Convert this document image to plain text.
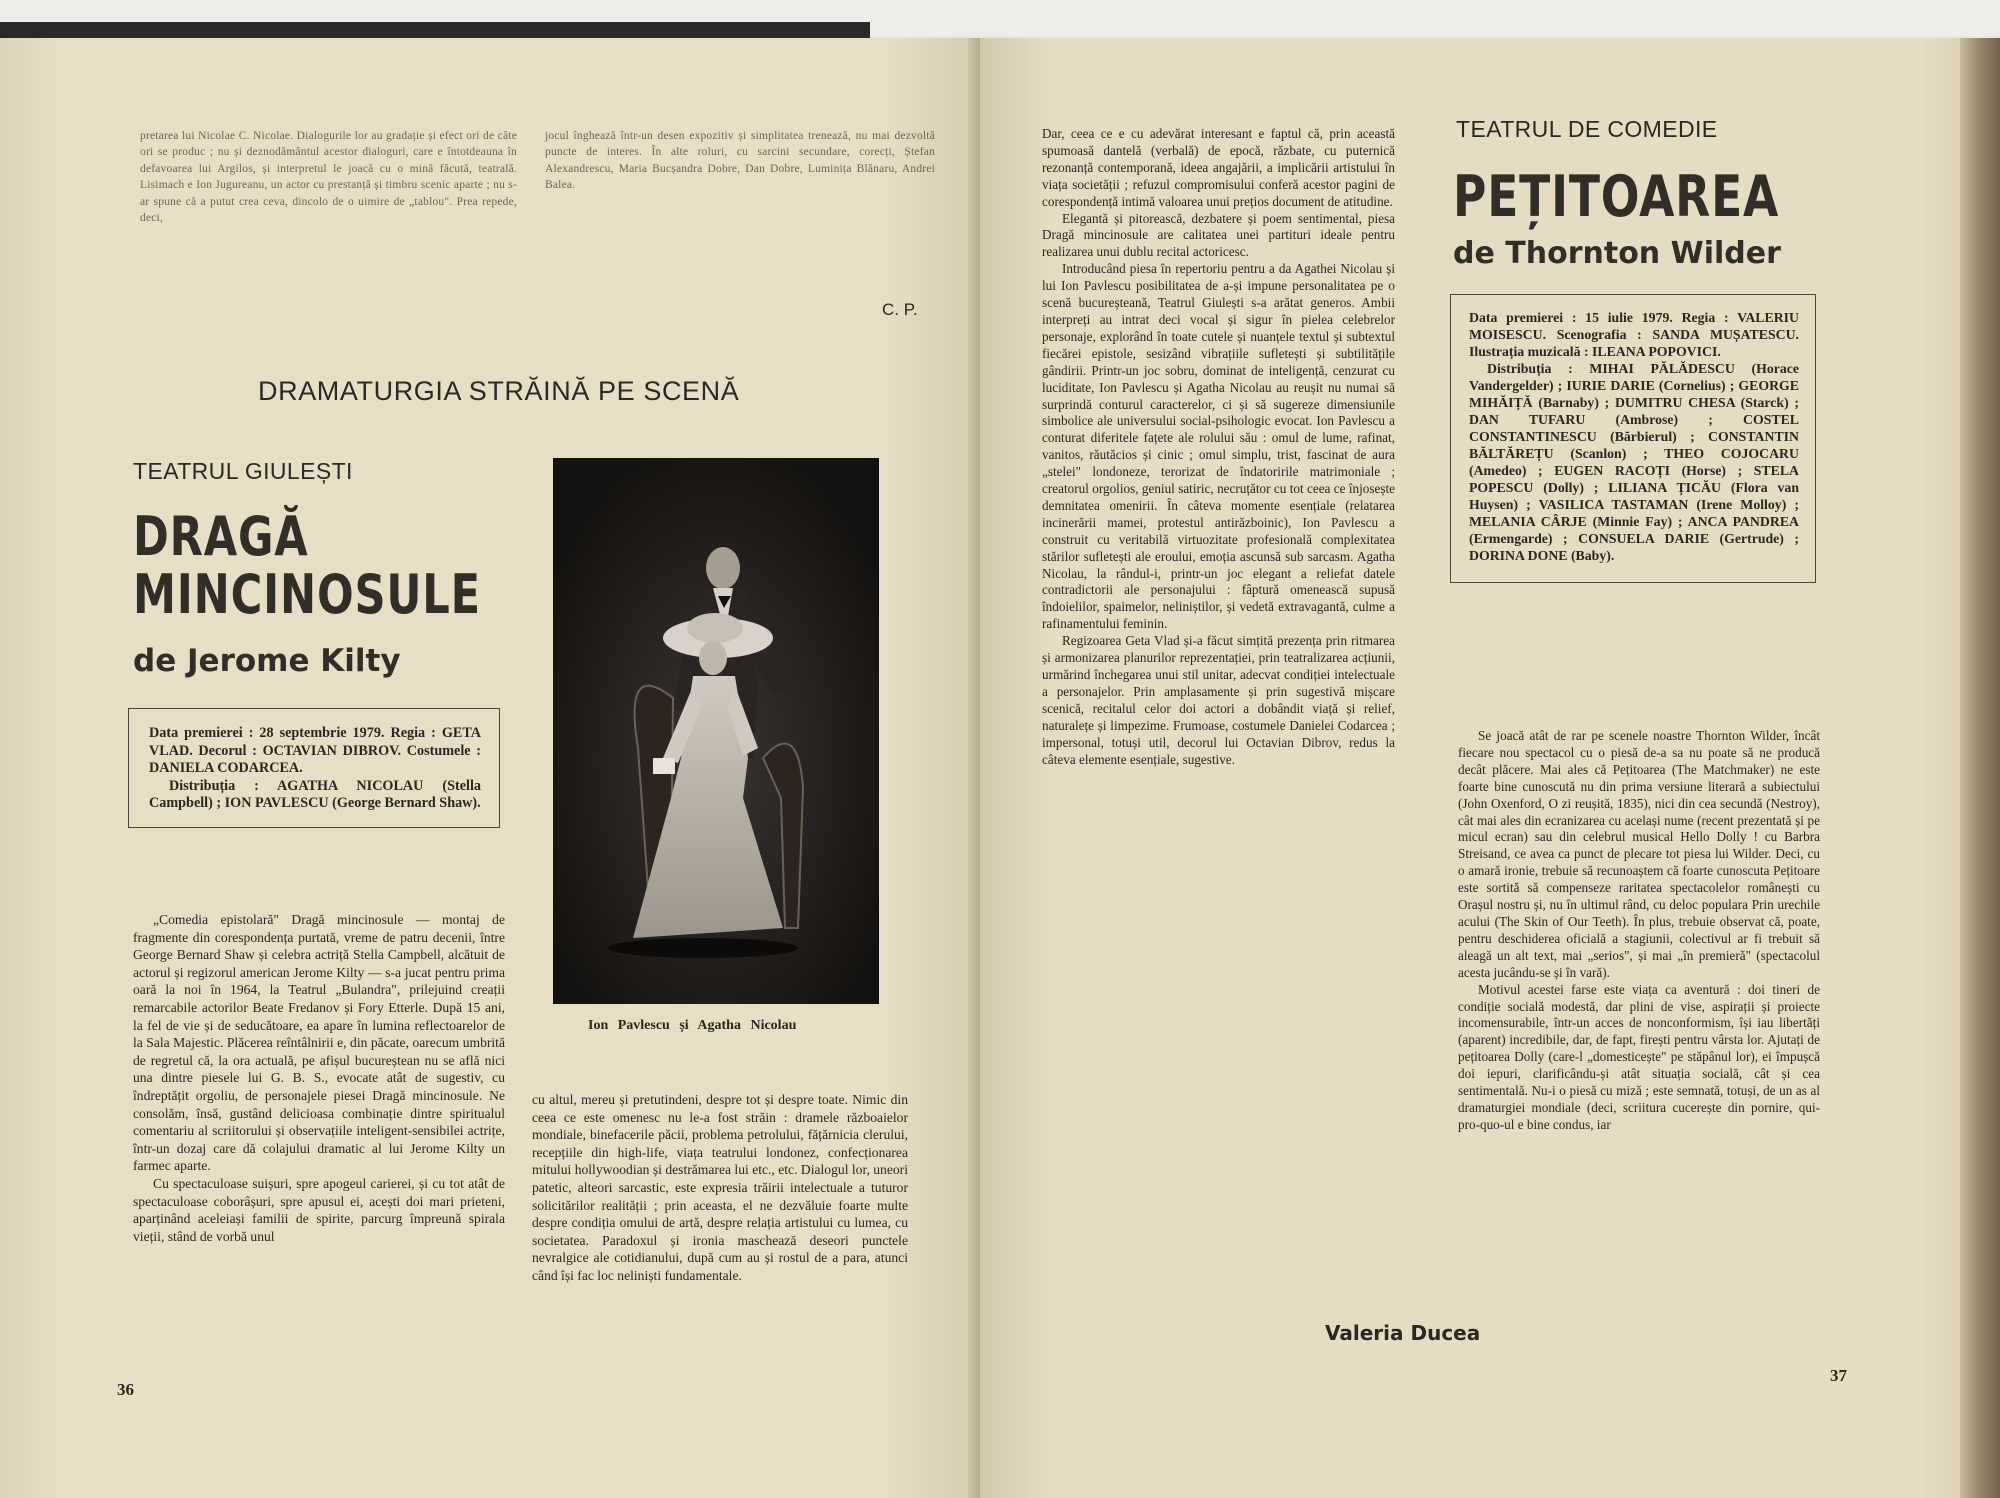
pretarea lui Nicolae C. Nicolae. Dialogurile lor au gradație și efect ori de câte ori se produc ; nu și deznodământul acestor dialoguri, care e întotdeauna în defavoarea lui Argilos, și interpretul le joacă cu o mină făcută, teatrală. Lisimach e Ion Jugureanu, un actor cu prestanță și timbru scenic aparte ; nu s-ar spune că a putut crea ceva, dincolo de o uimire de „tablou". Prea repede, deci,

jocul înghează într-un desen expozitiv și simplitatea trenează, nu mai dezvoltă puncte de interes. În alte roluri, cu sarcini secundare, corecți, Ștefan Alexandrescu, Maria Bucșandra Dobre, Dan Dobre, Luminița Blănaru, Andrei Balea.

C. P.
DRAMATURGIA STRĂINĂ PE SCENĂ
TEATRUL GIULEȘTI
DRAGĂ
MINCINOSULE
de Jerome Kilty

Data premierei : 28 septembrie 1979. Regia : GETA VLAD. Decorul : OCTAVIAN DIBROV. Costumele : DANIELA CODARCEA.

Distribuția : AGATHA NICOLAU (Stella Campbell) ; ION PAVLESCU (George Bernard Shaw).

Ion Pavlescu și Agatha Nicolau

„Comedia epistolară" Dragă mincinosule — montaj de fragmente din corespondența purtată, vreme de patru decenii, între George Bernard Shaw și celebra actriță Stella Campbell, alcătuit de actorul și regizorul american Jerome Kilty — s-a jucat pentru prima oară la noi în 1964, la Teatrul „Bulandra", prilejuind creații remarcabile actorilor Beate Fredanov și Fory Etterle. După 15 ani, la fel de vie și de seducătoare, ea apare în lumina reflectoarelor de la Sala Majestic. Plăcerea reîntâlnirii e, din păcate, oarecum umbrită de regretul că, la ora actuală, pe afișul bucureștean nu se află nici una dintre piesele lui G. B. S., evocate atât de sugestiv, cu îndreptățit orgoliu, de personajele piesei Dragă mincinosule. Ne consolăm, însă, gustând delicioasa combinație dintre spiritualul comentariu al scriitorului și observațiile inteligent-sensibilei actrițe, într-un dozaj care dă colajului dramatic al lui Jerome Kilty un farmec aparte.

Cu spectaculoase suișuri, spre apogeul carierei, și cu tot atât de spectaculoase coborâșuri, spre apusul ei, acești doi mari prieteni, aparținând aceleiași familii de spirite, parcurg împreună spirala vieții, stând de vorbă unul

cu altul, mereu și pretutindeni, despre tot și despre toate. Nimic din ceea ce este omenesc nu le-a fost străin : dramele războaielor mondiale, binefacerile păcii, problema petrolului, fățărnicia clerului, recepțiile din high-life, viața teatrului londonez, confecționarea mitului hollywoodian și destrămarea lui etc., etc. Dialogul lor, uneori patetic, alteori sarcastic, este expresia trăirii intelectuale a tuturor solicitărilor realității ; prin aceasta, el ne dezvăluie foarte multe despre condiția omului de artă, despre relația artistului cu lumea, cu societatea. Paradoxul și ironia maschează deseori punctele nevralgice ale cotidianului, după cum au și rostul de a para, atunci când își fac loc neliniști fundamentale.

36

Dar, ceea ce e cu adevărat interesant e faptul că, prin această spumoasă dantelă (verbală) de epocă, răzbate, cu puternică rezonanță contemporană, ideea angajării, a implicării artistului în viața societății ; refuzul compromisului conferă acestor pagini de corespondență intimă valoarea unui prețios document de atitudine.

Elegantă și pitorească, dezbatere și poem sentimental, piesa Dragă mincinosule are calitatea unei partituri ideale pentru realizarea unui dublu recital actoricesc.

Introducând piesa în repertoriu pentru a da Agathei Nicolau și lui Ion Pavlescu posibilitatea de a-și impune personalitatea pe o scenă bucureșteană, Teatrul Giulești s-a arătat generos. Ambii interpreți au intrat deci vocal și sigur în pielea celebrelor personaje, explorând în toate cutele și nuanțele textul și subtextul fiecărei epistole, sesizând vibrațiile sufletești și subtilitățile gândirii. Printr-un joc sobru, dominat de inteligență, cenzurat cu luciditate, Ion Pavlescu și Agatha Nicolau au reușit nu numai să surprindă conturul caracterelor, ci și să sugereze dimensiunile simbolice ale universului social-psihologic evocat. Ion Pavlescu a conturat diferitele fațete ale rolului său : omul de lume, rafinat, vanitos, răutăcios și cinic ; omul simplu, trist, fascinat de aura „stelei" londoneze, terorizat de îndatoririle matrimoniale ; creatorul orgolios, geniul satiric, necruțător cu tot ceea ce înjosește demnitatea omenirii. În câteva momente esențiale (relatarea incinerării mamei, protestul antirăzboinic), Ion Pavlescu a construit cu veritabilă virtuozitate profesională complexitatea stărilor sufletești ale eroului, emoția ascunsă sub sarcasm. Agatha Nicolau, la rândul-i, printr-un joc elegant a reliefat datele contradictorii ale personajului : fâptură omenească supusă îndoielilor, spaimelor, neliniștilor, și vedetă extravagantă, culme a rafinamentului feminin.

Regizoarea Geta Vlad și-a făcut simțită prezența prin ritmarea și armonizarea planurilor reprezentației, prin teatralizarea acțiunii, urmărind închegarea unui stil unitar, adecvat condiției intelectuale a personajelor. Prin amplasamente și prin sugestivă mișcare scenică, recitalul celor doi actori a dobândit viață și relief, naturalețe și limpezime. Frumoase, costumele Danielei Codarcea ; impersonal, totuși util, decorul lui Octavian Dibrov, redus la câteva elemente esențiale, sugestive.

Valeria Ducea
TEATRUL DE COMEDIE
PEȚITOAREA
de Thornton Wilder

Data premierei : 15 iulie 1979. Regia : VALERIU MOISESCU. Scenografia : SANDA MUȘATESCU. Ilustrația muzicală : ILEANA POPOVICI.

Distribuția : MIHAI PĂLĂDESCU (Horace Vandergelder) ; IURIE DARIE (Cornelius) ; GEORGE MIHĂIȚĂ (Barnaby) ; DUMITRU CHESA (Starck) ; DAN TUFARU (Ambrose) ; COSTEL CONSTANTINESCU (Bărbierul) ; CONSTANTIN BĂLTĂREȚU (Scanlon) ; THEO COJOCARU (Amedeo) ; EUGEN RACOȚI (Horse) ; STELA POPESCU (Dolly) ; LILIANA ȚICĂU (Flora van Huysen) ; VASILICA TASTAMAN (Irene Molloy) ; MELANIA CÂRJE (Minnie Fay) ; ANCA PANDREA (Ermengarde) ; CONSUELA DARIE (Gertrude) ; DORINA DONE (Baby).

Se joacă atât de rar pe scenele noastre Thornton Wilder, încât fiecare nou spectacol cu o piesă de-a sa nu poate să ne producă decât plăcere. Mai ales că Pețitoarea (The Matchmaker) ne este foarte bine cunoscută nu din prima versiune literară a subiectului (John Oxenford, O zi reușită, 1835), nici din cea secundă (Nestroy), cât mai ales din ecranizarea cu același nume (recent prezentată și pe micul ecran) sau din celebrul musical Hello Dolly ! cu Barbra Streisand, ce avea ca punct de plecare tot piesa lui Wilder. Deci, cu o amară ironie, trebuie să recunoaștem că foarte cunoscuta Pețitoare este sortită să compenseze raritatea spectacolelor românești cu Orașul nostru și, nu în ultimul rând, cu deloc populara Prin urechile acului (The Skin of Our Teeth). În plus, trebuie observat că, poate, pentru deschiderea oficială a stagiunii, colectivul ar fi trebuit să aleagă un alt text, mai „serios", și mai „în premieră" (spectacolul acesta jucându-se și în vară).

Motivul acestei farse este viața ca aventură : doi tineri de condiție socială modestă, dar plini de vise, aspirații și proiecte incomensurabile, într-un acces de nonconformism, își iau libertăți (aparent) incredibile, dar, de fapt, firești pentru vârsta lor. Ajutați de pețitoarea Dolly (care-l „domesticește" pe stăpânul lor), ei împușcă doi iepuri, clarificându-și atât situația socială, cât și cea sentimentală. Nu-i o piesă cu miză ; este semnată, totuși, de un as al dramaturgiei mondiale (deci, scriitura cucerește din pornire, qui-pro-quo-ul e bine condus, iar

37
